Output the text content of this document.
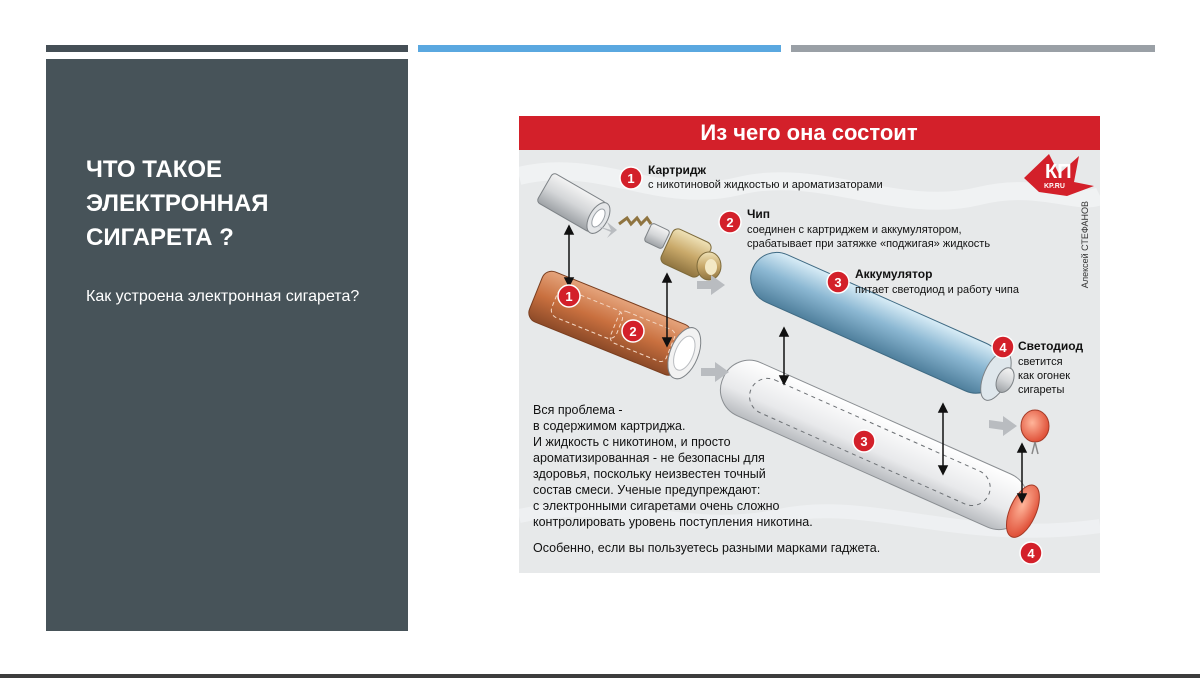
ЧТО ТАКОЕ ЭЛЕКТРОННАЯ СИГАРЕТА ?

Как устроена электронная сигарета?

Из чего она состоит
КП
KP.RU
Алексей СТЕФАНОВ
1
2
3
4
1
Картридж
с никотиновой жидкостью и ароматизаторами
2
Чип
соединен с картриджем и аккумулятором,
срабатывает при затяжке «поджигая» жидкость
3
Аккумулятор
питает светодиод и работу чипа
4 Светодиод
светится
как огонек
сигареты
Вся проблема -
в содержимом картриджа.
И жидкость с никотином, и просто
ароматизированная - не безопасны для
здоровья, поскольку неизвестен точный
состав смеси. Ученые предупреждают:
с электронными сигаретами очень сложно
контролировать уровень поступления никотина.
Особенно, если вы пользуетесь разными марками гаджета.
